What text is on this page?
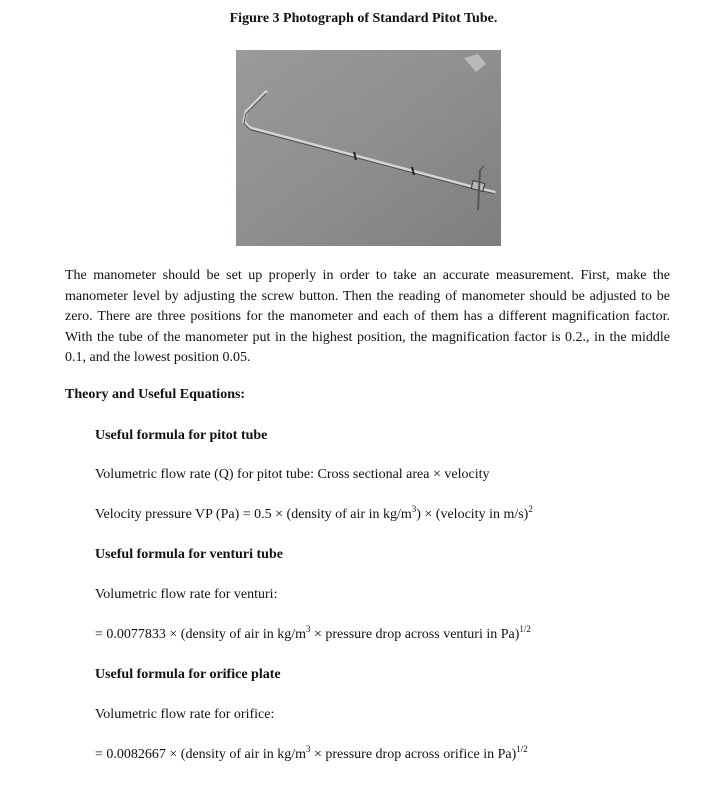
Figure 3 Photograph of Standard Pitot Tube.
The manometer should be set up properly in order to take an accurate measurement. First, make the manometer level by adjusting the screw button. Then the reading of manometer should be adjusted to be zero. There are three positions for the manometer and each of them has a different magnification factor. With the tube of the manometer put in the highest position, the magnification factor is 0.2., in the middle 0.1, and the lowest position 0.05.
Theory and Useful Equations:
Useful formula for pitot tube
Volumetric flow rate (Q) for pitot tube: Cross sectional area × velocity
Velocity pressure VP (Pa) = 0.5 × (density of air in $kg/m^3$) × (velocity in m/s)$^2$
Useful formula for venturi tube
Volumetric flow rate for venturi:
= 0.0077833 × (density of air in $kg/m^3$ × pressure drop across venturi in Pa)$^{1/2}$
Useful formula for orifice plate
Volumetric flow rate for orifice:
= 0.0082667 × (density of air in $kg/m^3$ × pressure drop across orifice in Pa)$^{1/2}$
